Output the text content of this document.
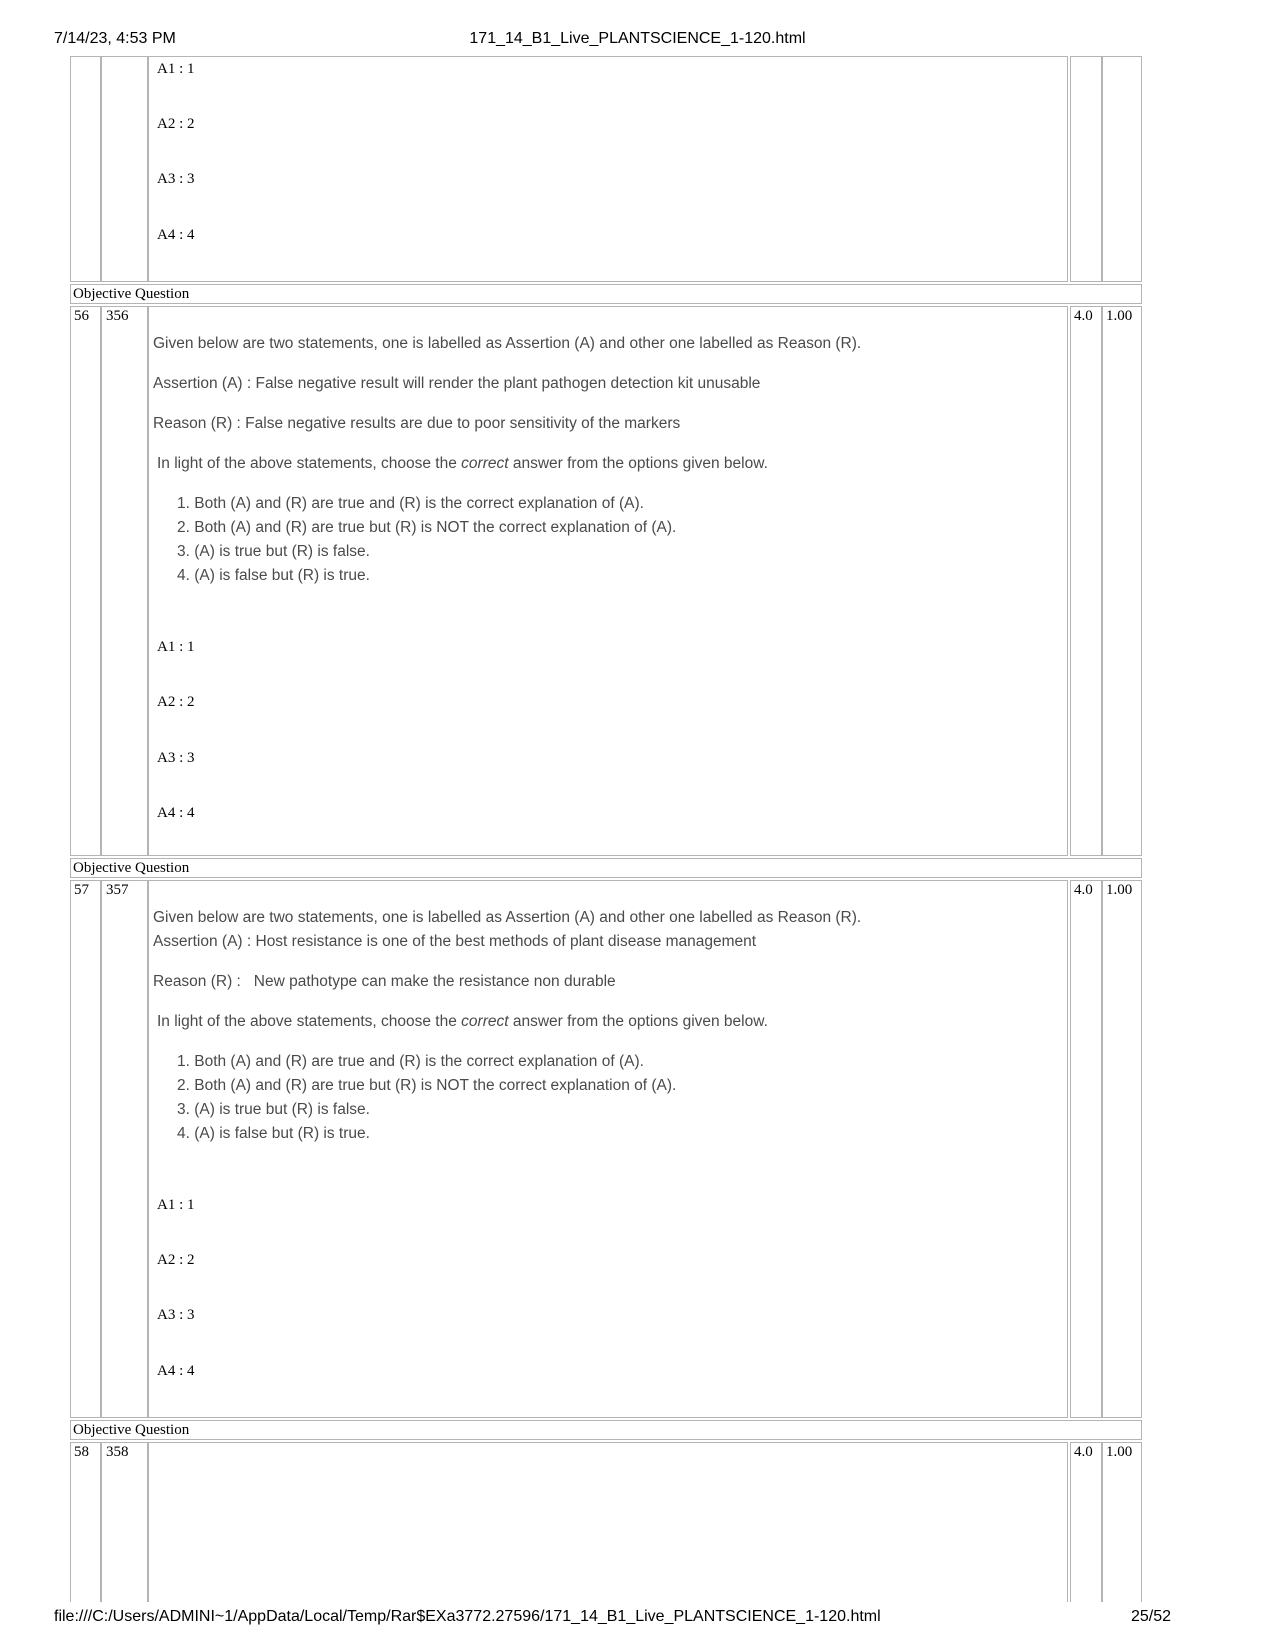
7/14/23, 4:53 PM	171_14_B1_Live_PLANTSCIENCE_1-120.html
A1 : 1
A2 : 2
A3 : 3
A4 : 4
Objective Question
56	356
Given below are two statements, one is labelled as Assertion (A) and other one labelled as Reason (R).
Assertion (A) : False negative result will render the plant pathogen detection kit unusable
Reason (R) : False negative results are due to poor sensitivity of the markers
In light of the above statements, choose the correct answer from the options given below.
1. Both (A) and (R) are true and (R) is the correct explanation of (A).
2. Both (A) and (R) are true but (R) is NOT the correct explanation of (A).
3. (A) is true but (R) is false.
4. (A) is false but (R) is true.
A1 : 1
A2 : 2
A3 : 3
A4 : 4
4.0 1.00
Objective Question
57	357
Given below are two statements, one is labelled as Assertion (A) and other one labelled as Reason (R).
Assertion (A) : Host resistance is one of the best methods of plant disease management
Reason (R) :   New pathotype can make the resistance non durable
In light of the above statements, choose the correct answer from the options given below.
1. Both (A) and (R) are true and (R) is the correct explanation of (A).
2. Both (A) and (R) are true but (R) is NOT the correct explanation of (A).
3. (A) is true but (R) is false.
4. (A) is false but (R) is true.
A1 : 1
A2 : 2
A3 : 3
A4 : 4
4.0 1.00
Objective Question
58	358	4.0 1.00
file:///C:/Users/ADMINI~1/AppData/Local/Temp/Rar$EXa3772.27596/171_14_B1_Live_PLANTSCIENCE_1-120.html	25/52
